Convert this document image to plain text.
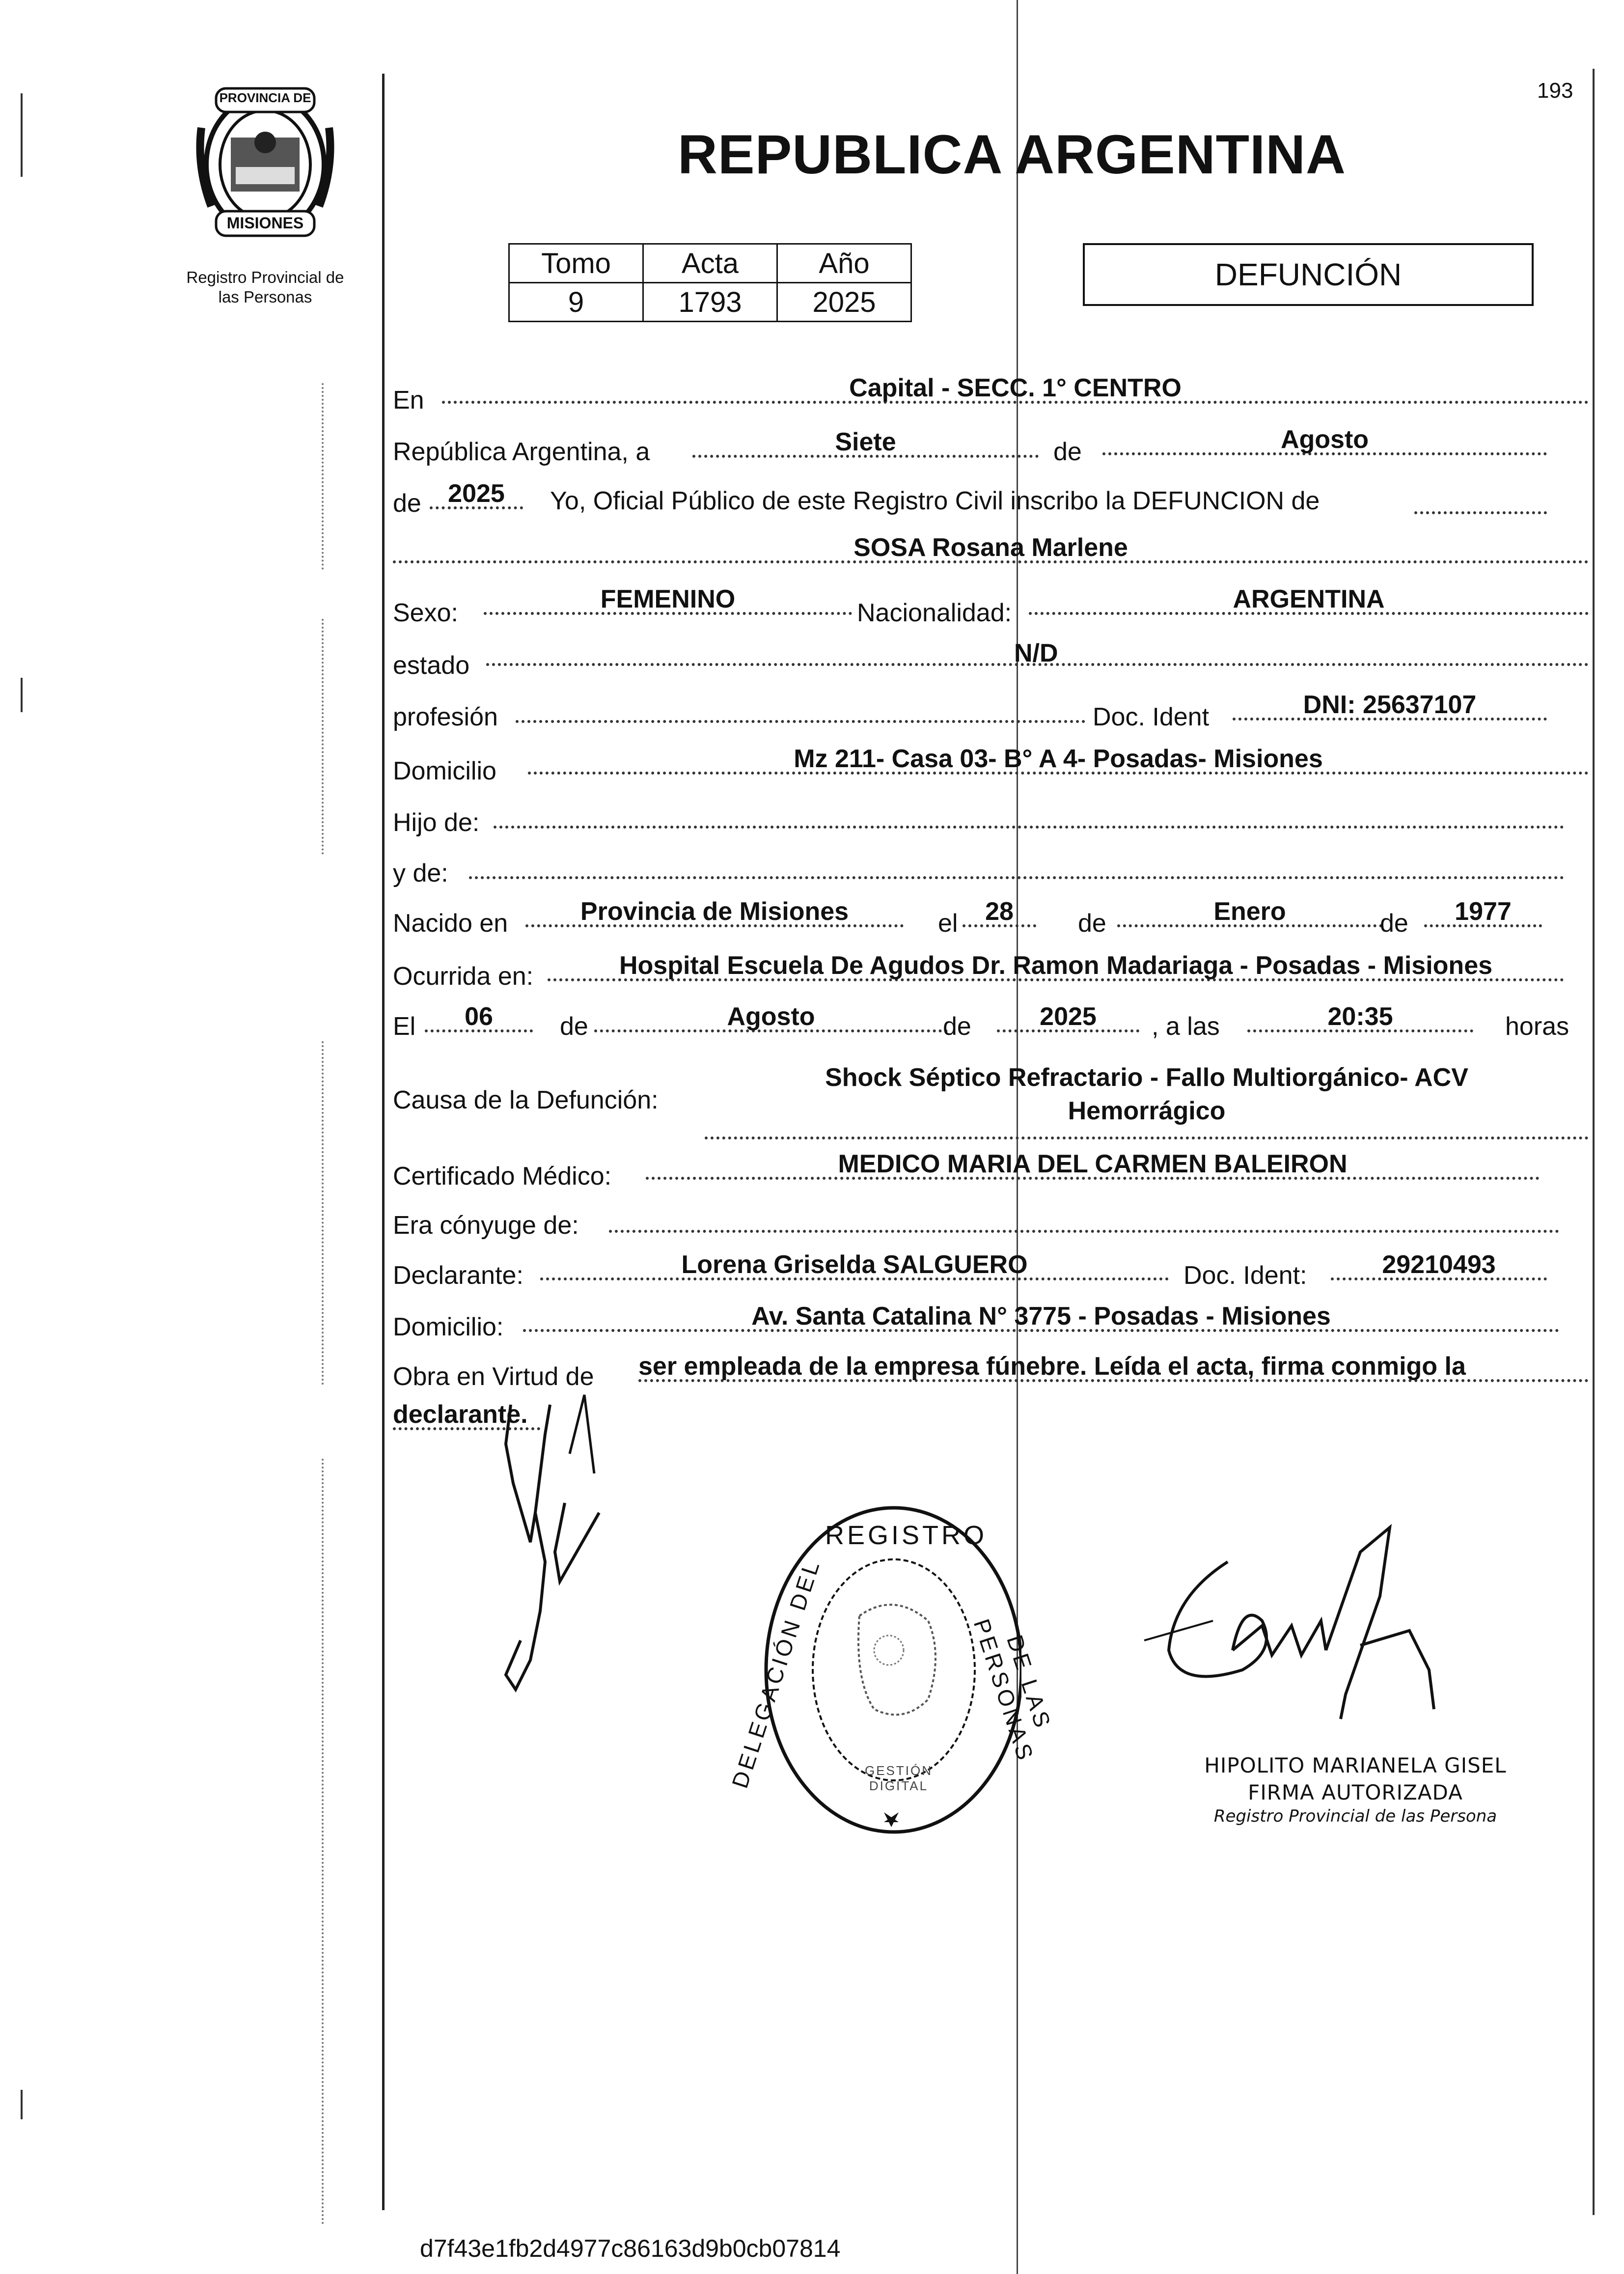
193
PROVINCIA DE
MISIONES
Registro Provincial de
las Personas
REPUBLICA ARGENTINA
Tomo	Acta	Año
9	1793	2025
DEFUNCIÓN
En	Capital - SECC. 1° CENTRO
República Argentina, a	Siete	de	Agosto
de	2025	Yo, Oficial Público de este Registro Civil inscribo la DEFUNCION de
SOSA Rosana Marlene
Sexo:	FEMENINO	Nacionalidad:	ARGENTINA
estado	N/D
profesión	Doc. Ident	DNI: 25637107
Domicilio	Mz 211- Casa 03- B° A 4- Posadas- Misiones
Hijo de:
y de:
Nacido en	Provincia de Misiones	el	28	de	Enero	de	1977
Ocurrida en:	Hospital Escuela De Agudos Dr. Ramon Madariaga - Posadas - Misiones
El	06	de	Agosto	de	2025	, a las	20:35	horas
Causa de la Defunción:
Shock Séptico Refractario - Fallo Multiorgánico- ACV
Hemorrágico
Certificado Médico:	MEDICO MARIA DEL CARMEN BALEIRON
Era cónyuge de:
Declarante:	Lorena Griselda SALGUERO	Doc. Ident:	29210493
Domicilio:	Av. Santa Catalina N° 3775 - Posadas - Misiones
Obra en Virtud de ser empleada de la empresa fúnebre. Leída el acta, firma conmigo la
declarante.
REGISTRO
DELEGACIÓN DEL	DE LAS PERSONAS
GESTIÓN DIGITAL
HIPOLITO MARIANELA GISEL
FIRMA AUTORIZADA
Registro Provincial de las Persona
d7f43e1fb2d4977c86163d9b0cb07814
